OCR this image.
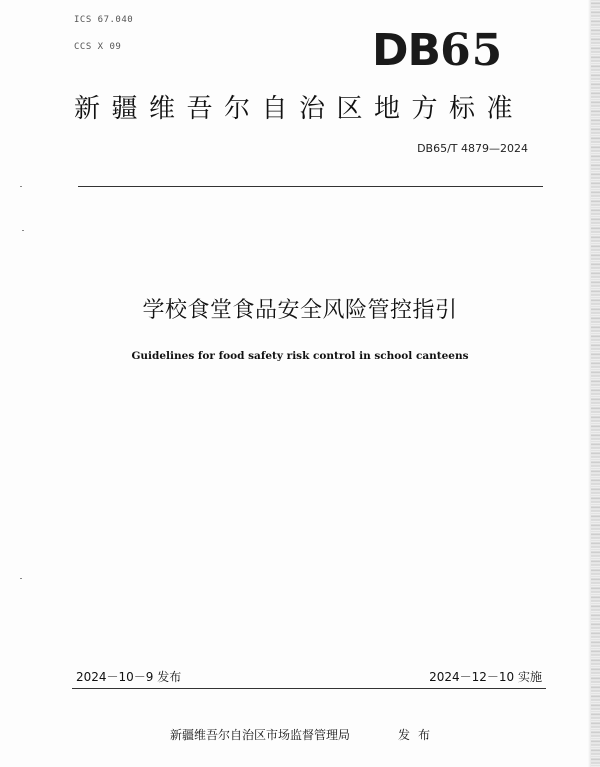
ICS 67.040
CCS X 09	DB65
新疆维吾尔自治区地方标准
DB65/T 4879—2024
学校食堂食品安全风险管控指引
Guidelines for food safety risk control in school canteens
2024－10－9 发布	2024－12－10 实施
新疆维吾尔自治区市场监督管理局	发布
